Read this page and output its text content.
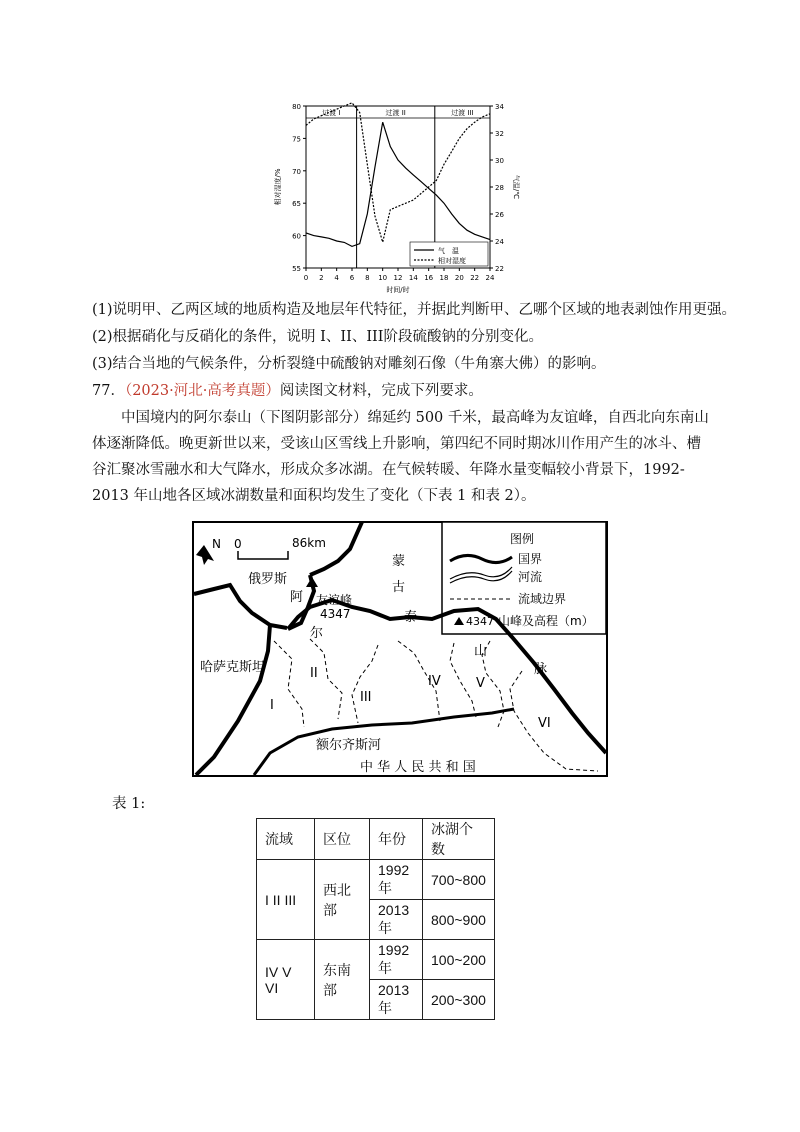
过渡 I	过渡 II	过渡 III
0 2 4 6 8 10 12 14 16 18 20 22 24
时间/时
55
60
65
70
75
80
相对湿度/%
22
24
26
28
30
32
34
气温/℃
气　温
相对湿度
(1)说明甲、乙两区域的地质构造及地层年代特征，并据此判断甲、乙哪个区域的地表剥蚀作用更强。
(2)根据硝化与反硝化的条件，说明 I、II、III阶段硫酸钠的分别变化。
(3)结合当地的气候条件，分析裂缝中硫酸钠对雕刻石像（牛角寨大佛）的影响。
77．（2023·河北·高考真题）阅读图文材料，完成下列要求。
中国境内的阿尔泰山（下图阴影部分）绵延约 500 千米，最高峰为友谊峰，自西北向东南山体逐渐降低。晚更新世以来，受该山区雪线上升影响，第四纪不同时期冰川作用产生的冰斗、槽谷汇聚冰雪融水和大气降水，形成众多冰湖。在气候转暖、年降水量变幅较小背景下，1992-2013 年山地各区域冰湖数量和面积均发生了变化（下表 1 和表 2）。
N 0	86km
俄罗斯
哈萨克斯坦
蒙
古
中 华 人 民 共 和 国
阿
尔
泰
山
脉
友谊峰
4347
额尔齐斯河
I
II
III
IV	V
VI
图例
国界
河流
流域边界
4347 山峰及高程（m）
表 1:
流域	区位	年份	冰湖个数
I II III	西北部	1992 年	700~800
		2013 年	800~900
IV V VI	东南部	1992 年	100~200
		2013 年	200~300
